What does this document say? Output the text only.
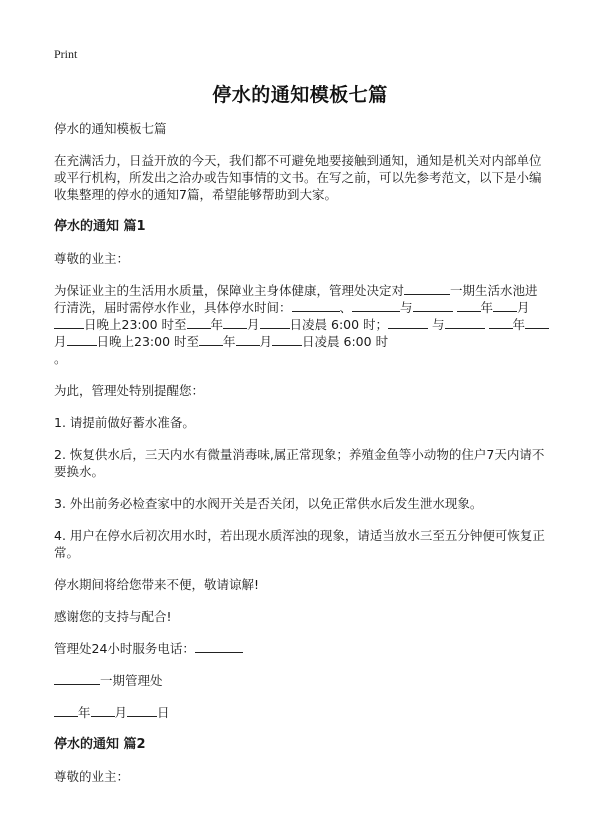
Print
停水的通知模板七篇

停水的通知模板七篇

在充满活力，日益开放的今天，我们都不可避免地要接触到通知，通知是机关对内部单位或平行机构，所发出之洽办或告知事情的文书。在写之前，可以先参考范文，以下是小编收集整理的停水的通知7篇，希望能够帮助到大家。

停水的通知 篇1

尊敬的业主：

为保证业主的生活用水质量，保障业主身体健康，管理处决定对	一期生活水池进行清洗，届时需停水作业，具体停水时间：	、	与	年 月日晚上23:00 时至 年 月 日凌晨 6:00 时；	与	年月 日晚上23:00 时至 年 月 日凌晨 6:00 时
。

为此，管理处特别提醒您：

1. 请提前做好蓄水准备。

2. 恢复供水后，三天内水有微量消毒味,属正常现象；养殖金鱼等小动物的住户7天内请不要换水。

3. 外出前务必检查家中的水阀开关是否关闭，以免正常供水后发生泄水现象。

4. 用户在停水后初次用水时，若出现水质浑浊的现象，请适当放水三至五分钟便可恢复正常。

停水期间将给您带来不便，敬请谅解!

感谢您的支持与配合!

管理处24小时服务电话：

一期管理处

年 月 日

停水的通知 篇2

尊敬的业主：
